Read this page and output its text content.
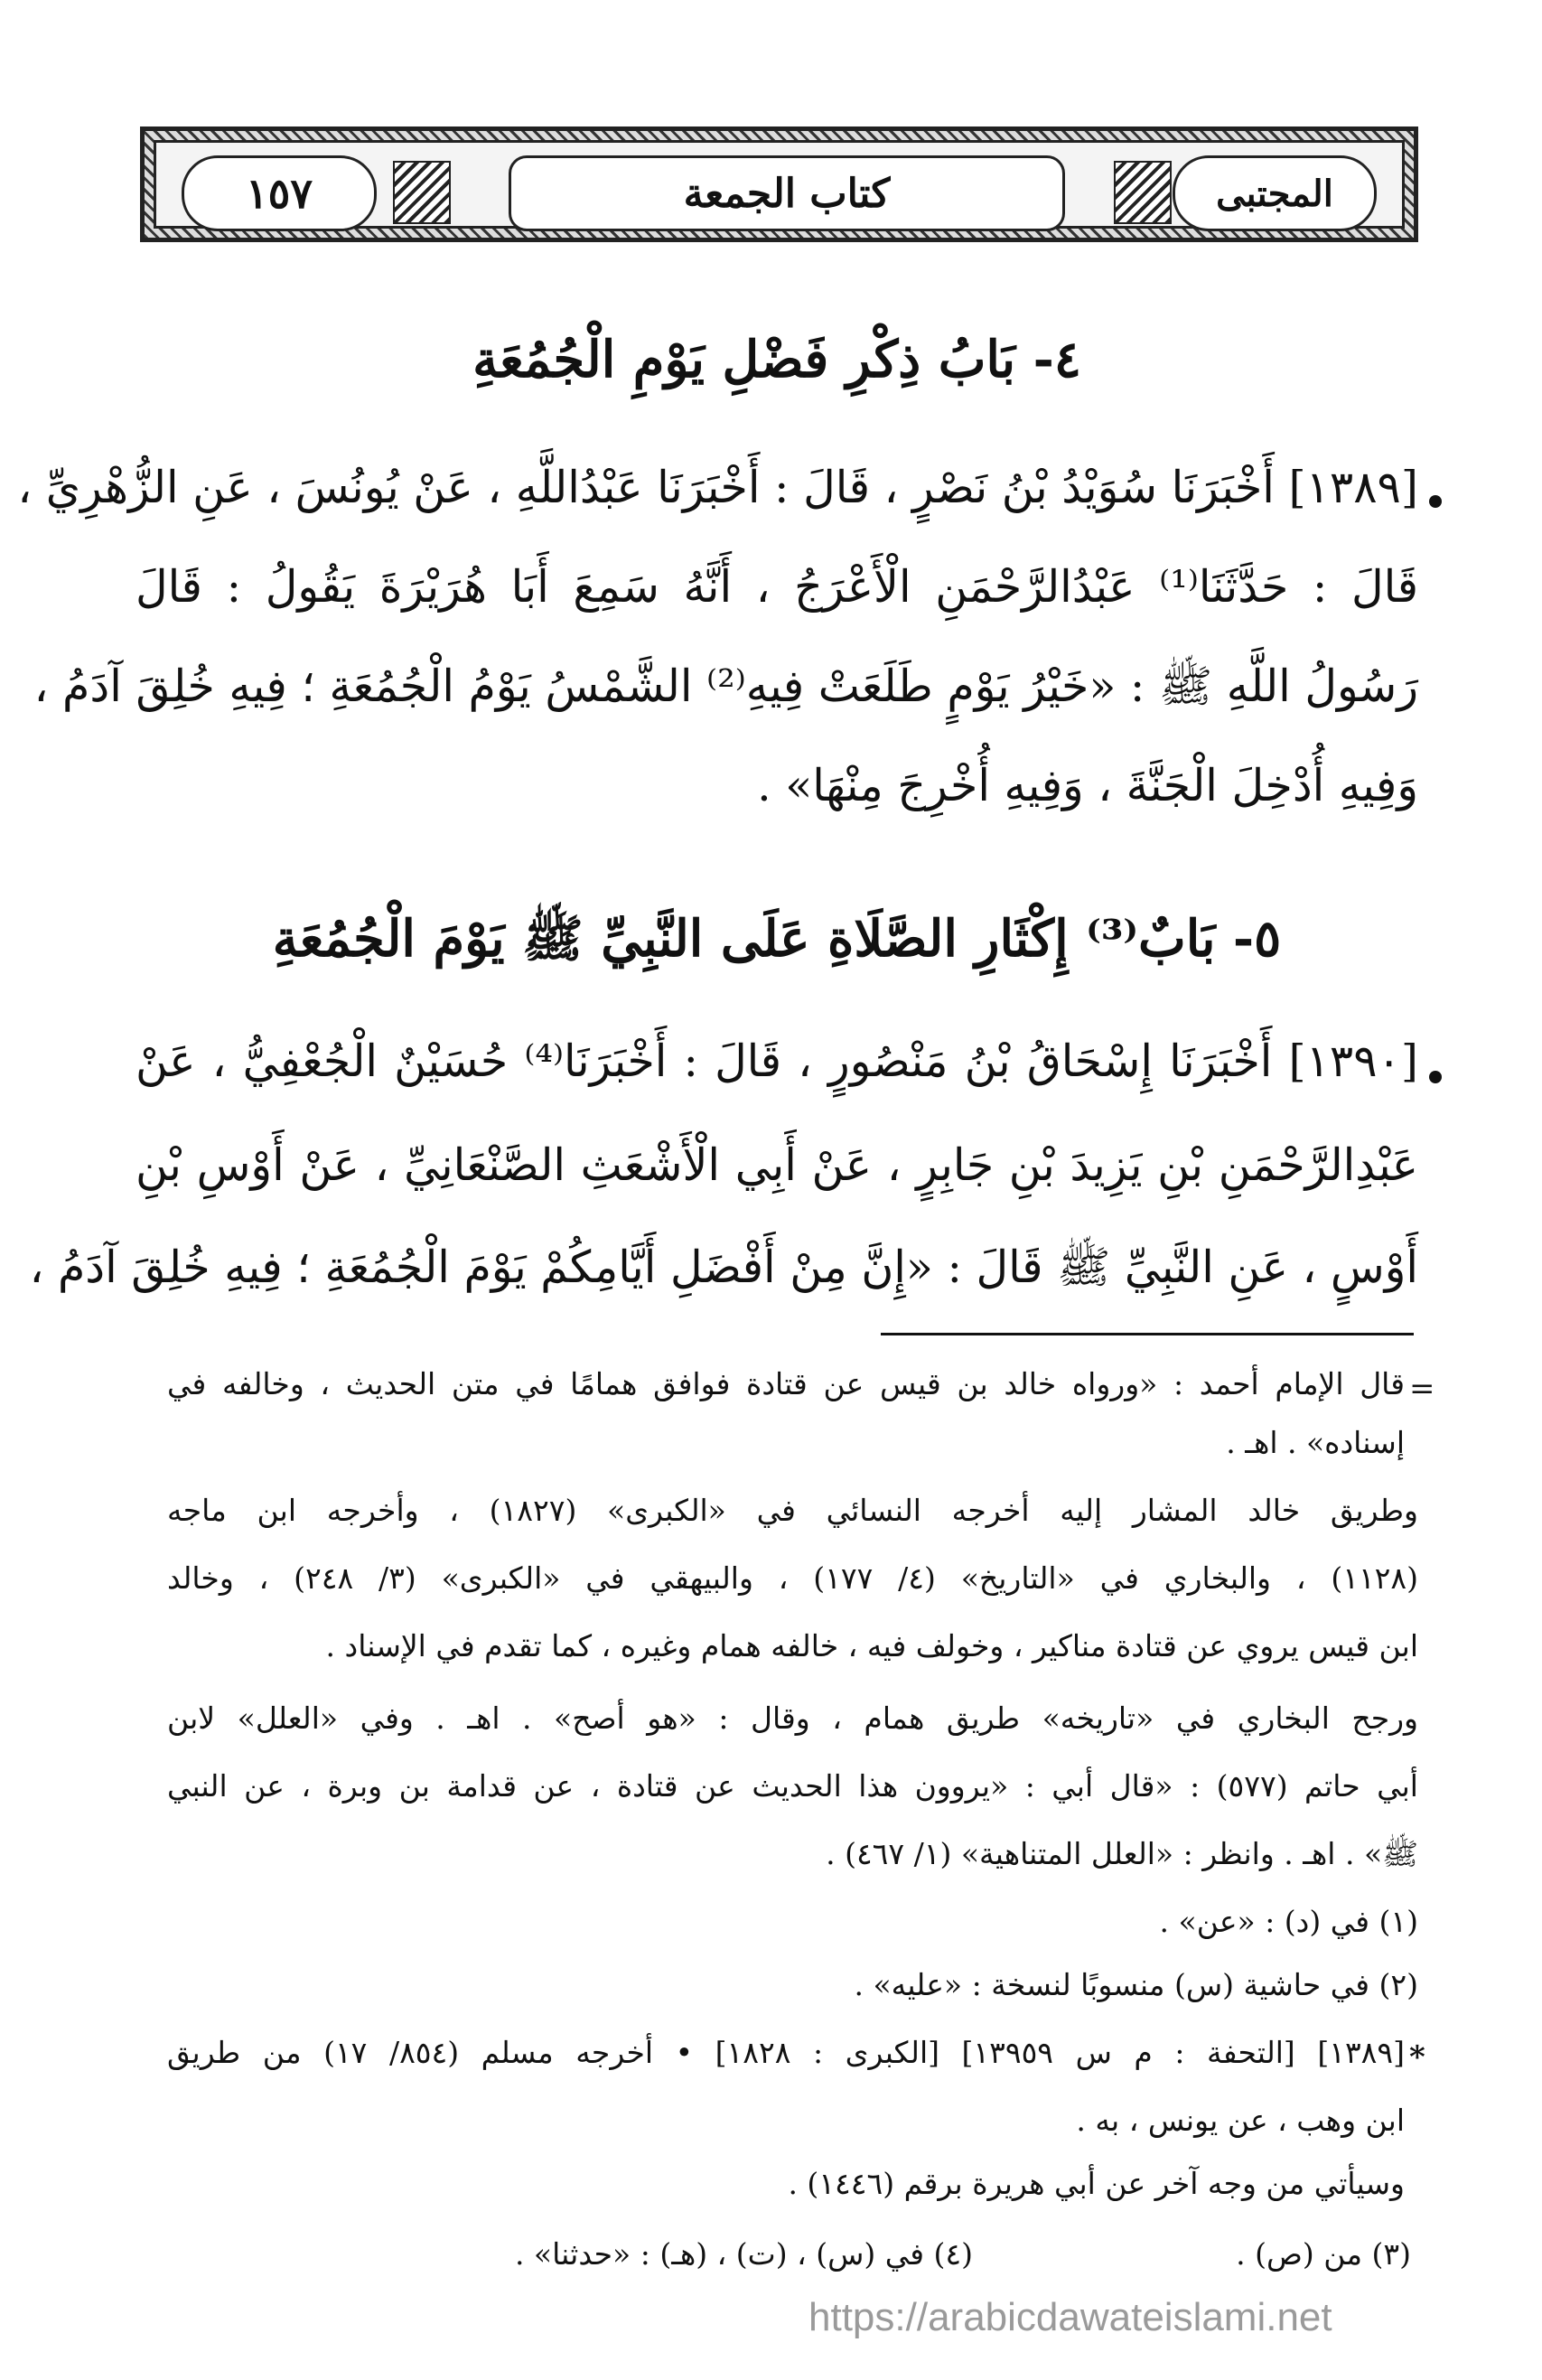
١٥٧	كتاب الجمعة	المجتبى
٤- بَابُ ذِكْرِ فَضْلِ يَوْمِ الْجُمُعَةِ
[١٣٨٩] أَخْبَرَنَا سُوَيْدُ بْنُ نَصْرٍ ، قَالَ : أَخْبَرَنَا عَبْدُاللَّهِ ، عَنْ يُونُسَ ، عَنِ الزُّهْرِيِّ ،
قَالَ : حَدَّثَنَا⁽¹⁾ عَبْدُالرَّحْمَنِ الْأَعْرَجُ ، أَنَّهُ سَمِعَ أَبَا هُرَيْرَةَ يَقُولُ : قَالَ
رَسُولُ اللَّهِ ﷺ : «خَيْرُ يَوْمٍ طَلَعَتْ فِيهِ⁽²⁾ الشَّمْسُ يَوْمُ الْجُمُعَةِ ؛ فِيهِ خُلِقَ آدَمُ ،
وَفِيهِ أُدْخِلَ الْجَنَّةَ ، وَفِيهِ أُخْرِجَ مِنْهَا» .
٥- بَابٌ⁽³⁾ إِكْثَارِ الصَّلَاةِ عَلَى النَّبِيِّ ﷺ يَوْمَ الْجُمُعَةِ
[١٣٩٠] أَخْبَرَنَا إِسْحَاقُ بْنُ مَنْصُورٍ ، قَالَ : أَخْبَرَنَا⁽⁴⁾ حُسَيْنٌ الْجُعْفِيُّ ، عَنْ
عَبْدِالرَّحْمَنِ بْنِ يَزِيدَ بْنِ جَابِرٍ ، عَنْ أَبِي الْأَشْعَثِ الصَّنْعَانِيِّ ، عَنْ أَوْسِ بْنِ
أَوْسٍ ، عَنِ النَّبِيِّ ﷺ قَالَ : «إِنَّ مِنْ أَفْضَلِ أَيَّامِكُمْ يَوْمَ الْجُمُعَةِ ؛ فِيهِ خُلِقَ آدَمُ ،
=
قال الإمام أحمد : «ورواه خالد بن قيس عن قتادة فوافق همامًا في متن الحديث ، وخالفه في
إسناده» . اهـ .
وطريق خالد المشار إليه أخرجه النسائي في «الكبرى» (١٨٢٧) ، وأخرجه ابن ماجه
(١١٢٨) ، والبخاري في «التاريخ» (٤/ ١٧٧) ، والبيهقي في «الكبرى» (٣/ ٢٤٨) ، وخالد
ابن قيس يروي عن قتادة مناكير ، وخولف فيه ، خالفه همام وغيره ، كما تقدم في الإسناد .
ورجح البخاري في «تاريخه» طريق همام ، وقال : «هو أصح» . اهـ . وفي «العلل» لابن
أبي حاتم (٥٧٧) : «قال أبي : «يروون هذا الحديث عن قتادة ، عن قدامة بن وبرة ، عن النبي
ﷺ» . اهـ . وانظر : «العلل المتناهية» (١/ ٤٦٧) .
(١) في (د) : «عن» .
(٢) في حاشية (س) منسوبًا لنسخة : «عليه» .
*
[١٣٨٩] [التحفة : م س ١٣٩٥٩] [الكبرى : ١٨٢٨] • أخرجه مسلم (٨٥٤/ ١٧) من طريق
ابن وهب ، عن يونس ، به .
وسيأتي من وجه آخر عن أبي هريرة برقم (١٤٤٦) .
(٣) من (ص) .
(٤) في (س) ، (ت) ، (هـ) : «حدثنا» .
https://arabicdawateislami.net
